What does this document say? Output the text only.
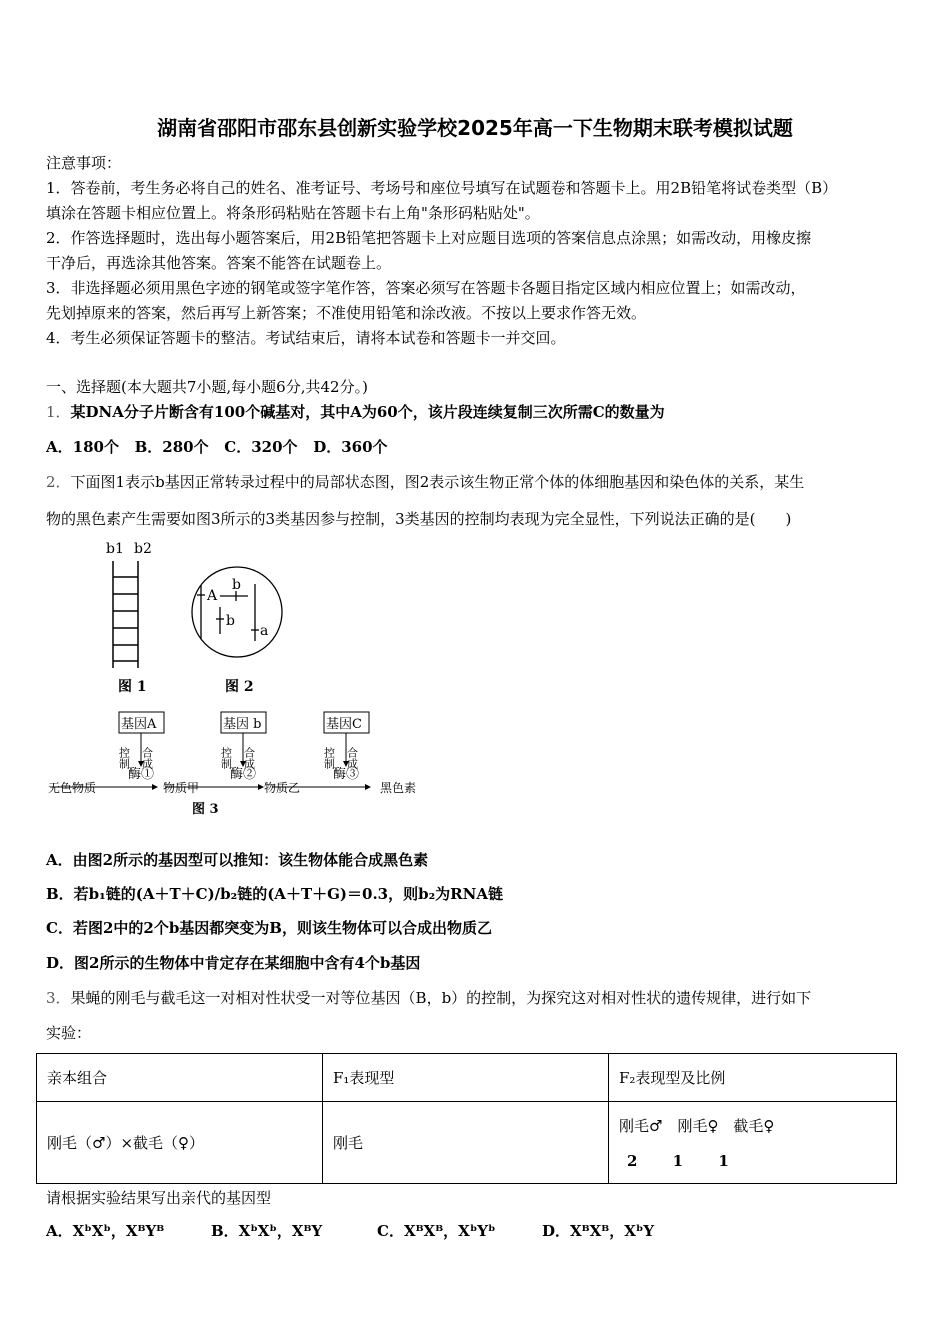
湖南省邵阳市邵东县创新实验学校2025年高一下生物期末联考模拟试题
注意事项：
1．答卷前，考生务必将自己的姓名、准考证号、考场号和座位号填写在试题卷和答题卡上。用2B铅笔将试卷类型（B）
填涂在答题卡相应位置上。将条形码粘贴在答题卡右上角"条形码粘贴处"。
2．作答选择题时，选出每小题答案后，用2B铅笔把答题卡上对应题目选项的答案信息点涂黑；如需改动，用橡皮擦
干净后，再选涂其他答案。答案不能答在试题卷上。
3．非选择题必须用黑色字迹的钢笔或签字笔作答，答案必须写在答题卡各题目指定区域内相应位置上；如需改动，
先划掉原来的答案，然后再写上新答案；不准使用铅笔和涂改液。不按以上要求作答无效。
4．考生必须保证答题卡的整洁。考试结束后，请将本试卷和答题卡一并交回。
一、选择题(本大题共7小题,每小题6分,共42分。)
1．某DNA分子片断含有100个碱基对，其中A为60个，该片段连续复制三次所需C的数量为
A．180个 B．280个 C．320个 D．360个
2．下面图1表示b基因正常转录过程中的局部状态图，图2表示该生物正常个体的体细胞基因和染色体的关系，某生
物的黑色素产生需要如图3所示的3类基因参与控制，3类基因的控制均表现为完全显性，下列说法正确的是(　　)
b1 b2
图 1
A
b
b
a
图 2
基因A	基因 b	基因C
控制 合成	控制 合成	控制 合成
酶①	酶②	酶③
无色物质	物质甲	物质乙	黑色素
图 3
A．由图2所示的基因型可以推知：该生物体能合成黑色素
B．若b₁链的(A＋T＋C)/b₂链的(A＋T＋G)＝0.3，则b₂为RNA链
C．若图2中的2个b基因都突变为B，则该生物体可以合成出物质乙
D．图2所示的生物体中肯定存在某细胞中含有4个b基因
3．果蝇的刚毛与截毛这一对相对性状受一对等位基因（B，b）的控制，为探究这对相对性状的遗传规律，进行如下
实验：
亲本组合	F₁表现型	F₂表现型及比例
刚毛（♂）×截毛（♀）	刚毛	刚毛♂　刚毛♀　截毛♀
2　　 1　　 1
请根据实验结果写出亲代的基因型
A．XᵇXᵇ，XᴮYᴮ	B．XᵇXᵇ，XᴮY	C．XᴮXᴮ，XᵇYᵇ	D．XᴮXᴮ，XᵇY
